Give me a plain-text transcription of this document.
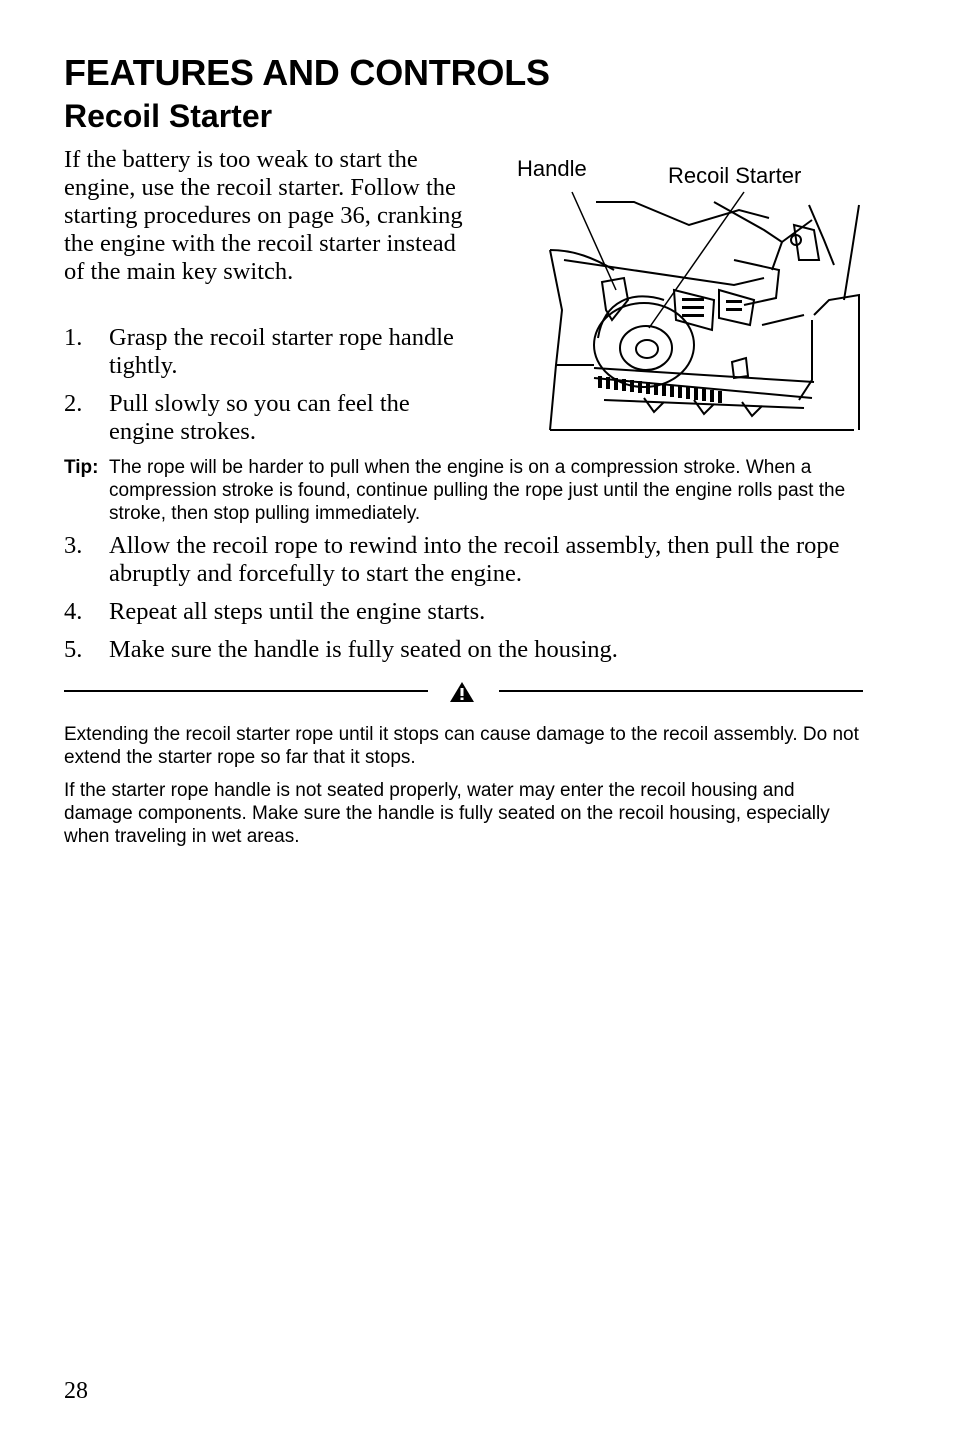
FEATURES AND CONTROLS
Recoil Starter

If the battery is too weak to start the engine, use the recoil starter. Follow the starting procedures on page 36, cranking the engine with the recoil starter instead of the main key switch.

1. Grasp the recoil starter rope handle tightly.
2. Pull slowly so you can feel the engine strokes.
Tip: The rope will be harder to pull when the engine is on a compression stroke. When a compression stroke is found, continue pulling the rope just until the engine rolls past the stroke, then stop pulling immediately.
3. Allow the recoil rope to rewind into the recoil assembly, then pull the rope abruptly and forcefully to start the engine.
4. Repeat all steps until the engine starts.
5. Make sure the handle is fully seated on the housing.
Handle	Recoil Starter

Extending the recoil starter rope until it stops can cause damage to the recoil assembly. Do not extend the starter rope so far that it stops.

If the starter rope handle is not seated properly, water may enter the recoil housing and damage components. Make sure the handle is fully seated on the recoil housing, especially when traveling in wet areas.

28
